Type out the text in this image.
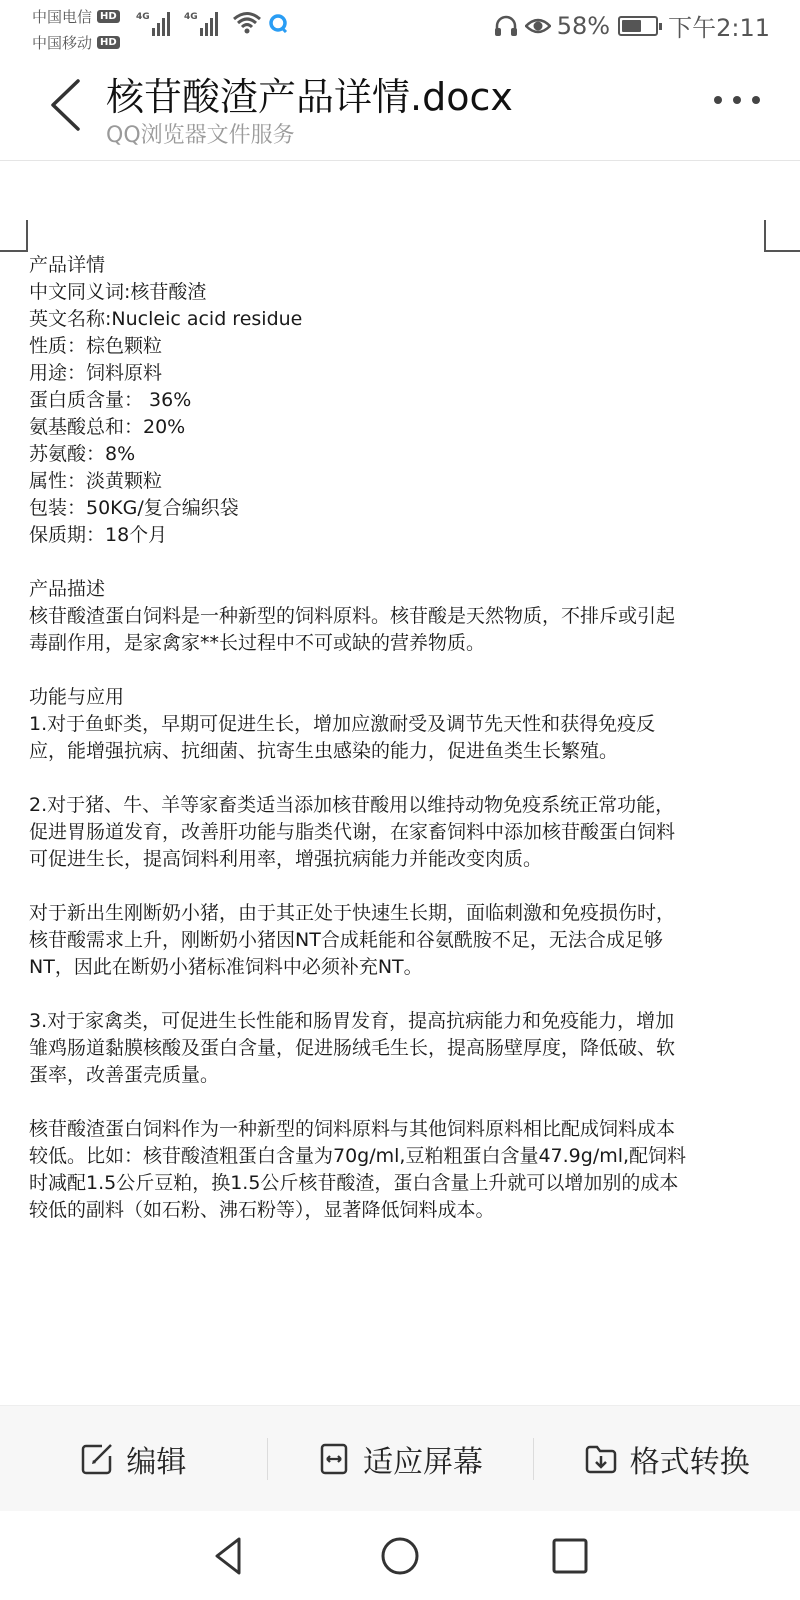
中国电信 HD
中国移动 HD
4G	4G	58% 下午2:11
核苷酸渣产品详情.docx
QQ浏览器文件服务

产品详情

中文同义词:核苷酸渣

英文名称:Nucleic acid residue

性质：棕色颗粒

用途：饲料原料

蛋白质含量： 36%

氨基酸总和：20%

苏氨酸：8%

属性：淡黄颗粒

包装：50KG/复合编织袋

保质期：18个月

产品描述

核苷酸渣蛋白饲料是一种新型的饲料原料。核苷酸是天然物质，不排斥或引起

毒副作用，是家禽家**长过程中不可或缺的营养物质。

功能与应用

1.对于鱼虾类，早期可促进生长，增加应激耐受及调节先天性和获得免疫反

应，能增强抗病、抗细菌、抗寄生虫感染的能力，促进鱼类生长繁殖。

2.对于猪、牛、羊等家畜类适当添加核苷酸用以维持动物免疫系统正常功能，

促进胃肠道发育，改善肝功能与脂类代谢，在家畜饲料中添加核苷酸蛋白饲料

可促进生长，提高饲料利用率，增强抗病能力并能改变肉质。

对于新出生刚断奶小猪，由于其正处于快速生长期，面临刺激和免疫损伤时，

核苷酸需求上升，刚断奶小猪因NT合成耗能和谷氨酰胺不足，无法合成足够

NT，因此在断奶小猪标准饲料中必须补充NT。

3.对于家禽类，可促进生长性能和肠胃发育，提高抗病能力和免疫能力，增加

雏鸡肠道黏膜核酸及蛋白含量，促进肠绒毛生长，提高肠壁厚度，降低破、软

蛋率，改善蛋壳质量。

核苷酸渣蛋白饲料作为一种新型的饲料原料与其他饲料原料相比配成饲料成本

较低。比如：核苷酸渣粗蛋白含量为70g/ml,豆粕粗蛋白含量47.9g/ml,配饲料

时减配1.5公斤豆粕，换1.5公斤核苷酸渣，蛋白含量上升就可以增加别的成本

较低的副料（如石粉、沸石粉等），显著降低饲料成本。

编辑	适应屏幕	格式转换
